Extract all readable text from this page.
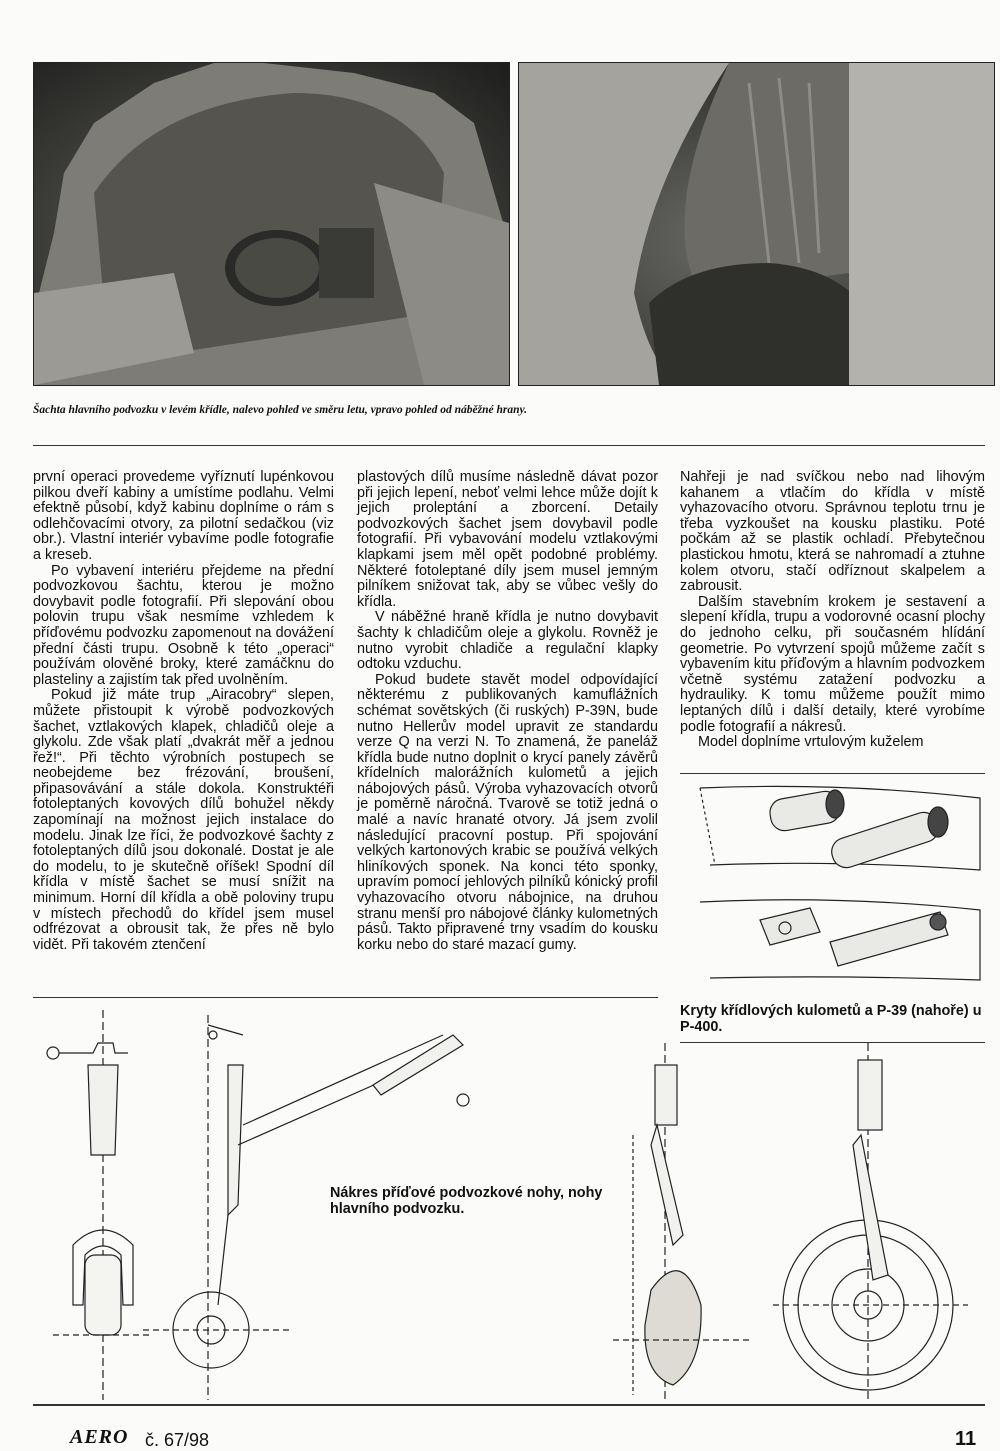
Šachta hlavního podvozku v levém křídle, nalevo pohled ve směru letu, vpravo pohled od náběžné hrany.

první operaci provedeme vyříznutí lupénkovou pilkou dveří kabiny a umístíme podlahu. Velmi efektně působí, když kabinu doplníme o rám s odlehčovacími otvory, za pilotní sedačkou (viz obr.). Vlastní interiér vybavíme podle fotografie a kreseb.

Po vybavení interiéru přejdeme na přední podvozkovou šachtu, kterou je možno dovybavit podle fotografií. Při slepování obou polovin trupu však nesmíme vzhledem k příďovému podvozku zapomenout na dovážení přední části trupu. Osobně k této „operaci“ používám olověné broky, které zamáčknu do plasteliny a zajistím tak před uvolněním.

Pokud již máte trup „Airacobry“ slepen, můžete přistoupit k výrobě podvozkových šachet, vztlakových klapek, chladičů oleje a glykolu. Zde však platí „dvakrát měř a jednou řež!“. Při těchto výrobních postupech se neobejdeme bez frézování, broušení, připasovávání a stále dokola. Konstruktéři fotoleptaných kovových dílů bohužel někdy zapomínají na možnost jejich instalace do modelu. Jinak lze říci, že podvozkové šachty z fotoleptaných dílů jsou dokonalé. Dostat je ale do modelu, to je skutečně oříšek! Spodní díl křídla v místě šachet se musí snížit na minimum. Horní díl křídla a obě poloviny trupu v místech přechodů do křídel jsem musel odfrézovat a obrousit tak, že přes ně bylo vidět. Při takovém ztenčení

plastových dílů musíme následně dávat pozor při jejich lepení, neboť velmi lehce může dojít k jejich proleptání a zborcení. Detaily podvozkových šachet jsem dovybavil podle fotografií. Při vybavování modelu vztlakovými klapkami jsem měl opět podobné problémy. Některé fotoleptané díly jsem musel jemným pilníkem snižovat tak, aby se vůbec vešly do křídla.

V náběžné hraně křídla je nutno dovybavit šachty k chladičům oleje a glykolu. Rovněž je nutno vyrobit chladiče a regulační klapky odtoku vzduchu.

Pokud budete stavět model odpovídající některému z publikovaných kamuflážních schémat sovětských (či ruských) P-39N, bude nutno Hellerův model upravit ze standardu verze Q na verzi N. To znamená, že paneláž křídla bude nutno doplnit o krycí panely závěrů křídelních malorážních kulometů a jejich nábojových pásů. Výroba vyhazovacích otvorů je poměrně náročná. Tvarově se totiž jedná o malé a navíc hranaté otvory. Já jsem zvolil následující pracovní postup. Při spojování velkých kartonových krabic se používá velkých hliníkových sponek. Na konci této sponky, upravím pomocí jehlových pilníků kónický profil vyhazovacího otvoru nábojnice, na druhou stranu menší pro nábojové články kulometných pásů. Takto připravené trny vsadím do kousku korku nebo do staré mazací gumy.

Nahřeji je nad svíčkou nebo nad lihovým kahanem a vtlačím do křídla v místě vyhazovacího otvoru. Správnou teplotu trnu je třeba vyzkoušet na kousku plastiku. Poté počkám až se plastik ochladí. Přebytečnou plastickou hmotu, která se nahromadí a ztuhne kolem otvoru, stačí odříznout skalpelem a zabrousit.

Dalším stavebním krokem je sestavení a slepení křídla, trupu a vodorovné ocasní plochy do jednoho celku, při současném hlídání geometrie. Po vytvrzení spojů můžeme začít s vybavením kitu příďovým a hlavním podvozkem včetně systému zatažení podvozku a hydrauliky. K tomu můžeme použít mimo leptaných dílů i další detaily, které vyrobíme podle fotografií a nákresů.

Model doplníme vrtulovým kuželem

Kryty křídlových kulometů a P-39 (nahoře) u P-400.
Nákres příďové podvozkové nohy, nohy hlavního podvozku.
AERO č. 67/98	11
